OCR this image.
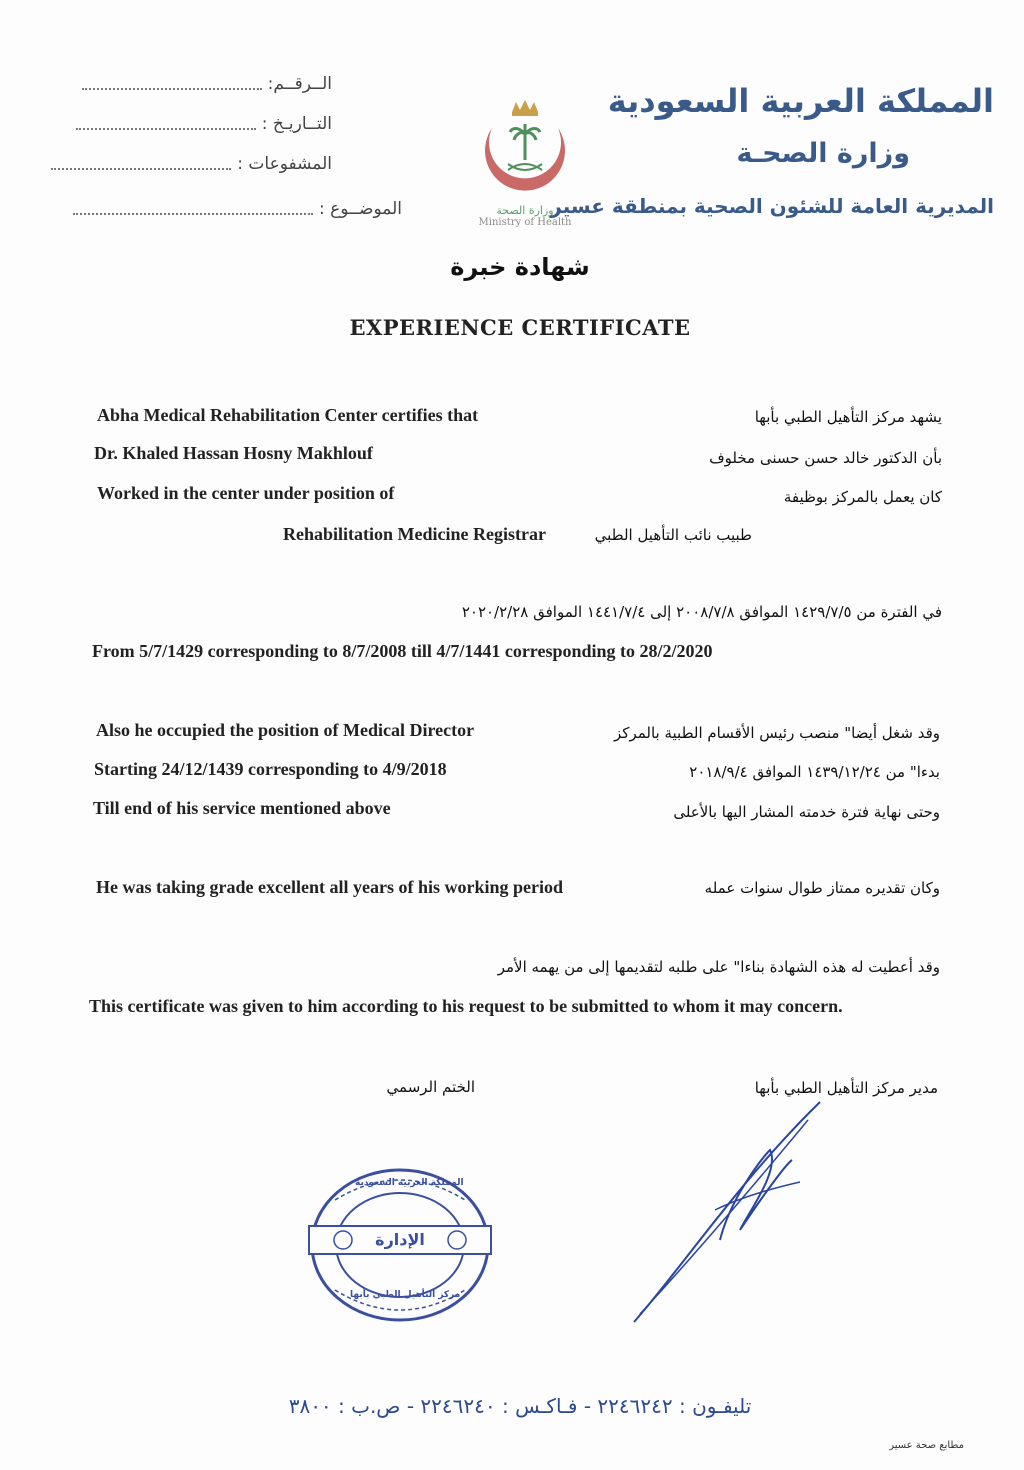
الــرقــم:
التــاريـخ :
المشفوعات :
الموضــوع :	وزارة الصحة
Ministry of Health
المملكة العربية السعودية
وزارة الصحـة
المديرية العامة للشئون الصحية بمنطقة عسير
شهادة خبرة
EXPERIENCE CERTIFICATE
Abha Medical Rehabilitation Center certifies that	يشهد مركز التأهيل الطبي بأبها
Dr. Khaled Hassan Hosny Makhlouf	بأن الدكتور خالد حسن حسنى مخلوف
Worked in the center under position of	كان يعمل بالمركز بوظيفة
Rehabilitation Medicine Registrar	طبيب نائب التأهيل الطبي
في الفترة من ١٤٢٩/٧/٥ الموافق ٢٠٠٨/٧/٨ إلى ١٤٤١/٧/٤ الموافق ٢٠٢٠/٢/٢٨
From 5/7/1429 corresponding to 8/7/2008 till 4/7/1441 corresponding to 28/2/2020
Also he occupied the position of Medical Director	وقد شغل أيضا" منصب رئيس الأقسام الطبية بالمركز
Starting 24/12/1439 corresponding to 4/9/2018	بدءا" من ١٤٣٩/١٢/٢٤ الموافق ٢٠١٨/٩/٤
Till end of his service mentioned above	وحتى نهاية فترة خدمته المشار اليها بالأعلى
He was taking grade excellent all years of his working period	وكان تقديره ممتاز طوال سنوات عمله
وقد أعطيت له هذه الشهادة بناءا" على طلبه لتقديمها إلى من يهمه الأمر
This certificate was given to him according to his request to be submitted to whom it may concern.
الختم الرسمي	مدير مركز التأهيل الطبي بأبها
المملكة العربية السعودية
الإدارة
مركز التأهيل الطبي بأبها
تليفـون : ٢٢٤٦٢٤٢ - فـاكـس : ٢٢٤٦٢٤٠ - ص.ب : ٣٨٠٠
مطابع صحة عسير
